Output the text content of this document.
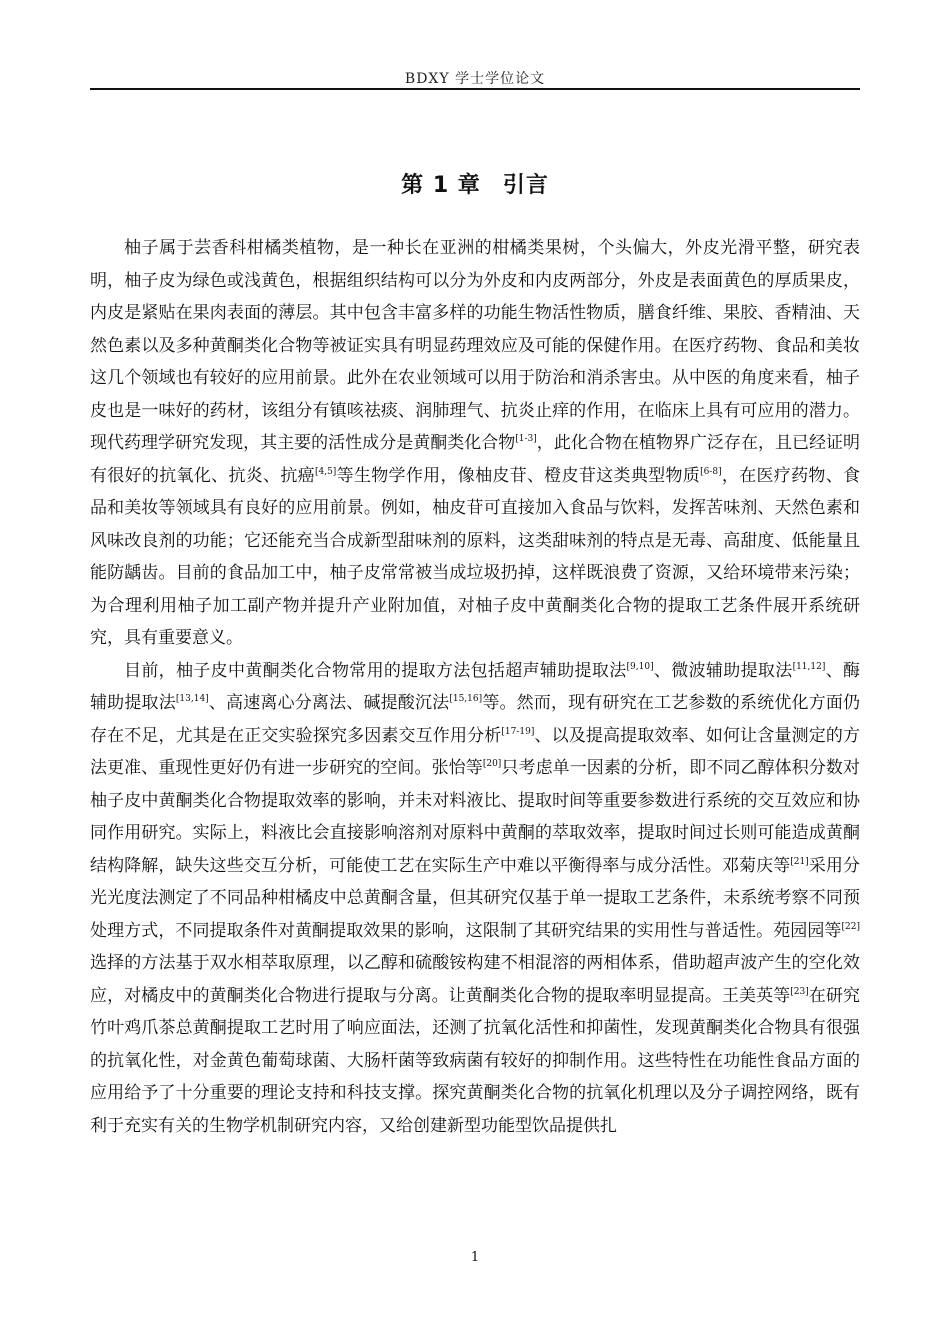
BDXY 学士学位论文
第 1 章 引言

柚子属于芸香科柑橘类植物，是一种长在亚洲的柑橘类果树，个头偏大，外皮光滑平整，研究表明，柚子皮为绿色或浅黄色，根据组织结构可以分为外皮和内皮两部分，外皮是表面黄色的厚质果皮，内皮是紧贴在果肉表面的薄层。其中包含丰富多样的功能生物活性物质，膳食纤维、果胶、香精油、天然色素以及多种黄酮类化合物等被证实具有明显药理效应及可能的保健作用。在医疗药物、食品和美妆这几个领域也有较好的应用前景。此外在农业领域可以用于防治和消杀害虫。从中医的角度来看，柚子皮也是一味好的药材，该组分有镇咳祛痰、润肺理气、抗炎止痒的作用，在临床上具有可应用的潜力。现代药理学研究发现，其主要的活性成分是黄酮类化合物[1-3]，此化合物在植物界广泛存在，且已经证明有很好的抗氧化、抗炎、抗癌[4,5]等生物学作用，像柚皮苷、橙皮苷这类典型物质[6-8]，在医疗药物、食品和美妆等领域具有良好的应用前景。例如，柚皮苷可直接加入食品与饮料，发挥苦味剂、天然色素和风味改良剂的功能；它还能充当合成新型甜味剂的原料，这类甜味剂的特点是无毒、高甜度、低能量且能防龋齿。目前的食品加工中，柚子皮常常被当成垃圾扔掉，这样既浪费了资源，又给环境带来污染；为合理利用柚子加工副产物并提升产业附加值，对柚子皮中黄酮类化合物的提取工艺条件展开系统研究，具有重要意义。

目前，柚子皮中黄酮类化合物常用的提取方法包括超声辅助提取法[9,10]、微波辅助提取法[11,12]、酶辅助提取法[13,14]、高速离心分离法、碱提酸沉法[15,16]等。然而，现有研究在工艺参数的系统优化方面仍存在不足，尤其是在正交实验探究多因素交互作用分析[17-19]、以及提高提取效率、如何让含量测定的方法更准、重现性更好仍有进一步研究的空间。张怡等[20]只考虑单一因素的分析，即不同乙醇体积分数对柚子皮中黄酮类化合物提取效率的影响，并未对料液比、提取时间等重要参数进行系统的交互效应和协同作用研究。实际上，料液比会直接影响溶剂对原料中黄酮的萃取效率，提取时间过长则可能造成黄酮结构降解，缺失这些交互分析，可能使工艺在实际生产中难以平衡得率与成分活性。邓菊庆等[21]采用分光光度法测定了不同品种柑橘皮中总黄酮含量，但其研究仅基于单一提取工艺条件，未系统考察不同预处理方式，不同提取条件对黄酮提取效果的影响，这限制了其研究结果的实用性与普适性。苑园园等[22]选择的方法基于双水相萃取原理，以乙醇和硫酸铵构建不相混溶的两相体系，借助超声波产生的空化效应，对橘皮中的黄酮类化合物进行提取与分离。让黄酮类化合物的提取率明显提高。王美英等[23]在研究竹叶鸡爪茶总黄酮提取工艺时用了响应面法，还测了抗氧化活性和抑菌性，发现黄酮类化合物具有很强的抗氧化性，对金黄色葡萄球菌、大肠杆菌等致病菌有较好的抑制作用。这些特性在功能性食品方面的应用给予了十分重要的理论支持和科技支撑。探究黄酮类化合物的抗氧化机理以及分子调控网络，既有利于充实有关的生物学机制研究内容，又给创建新型功能型饮品提供扎

1
